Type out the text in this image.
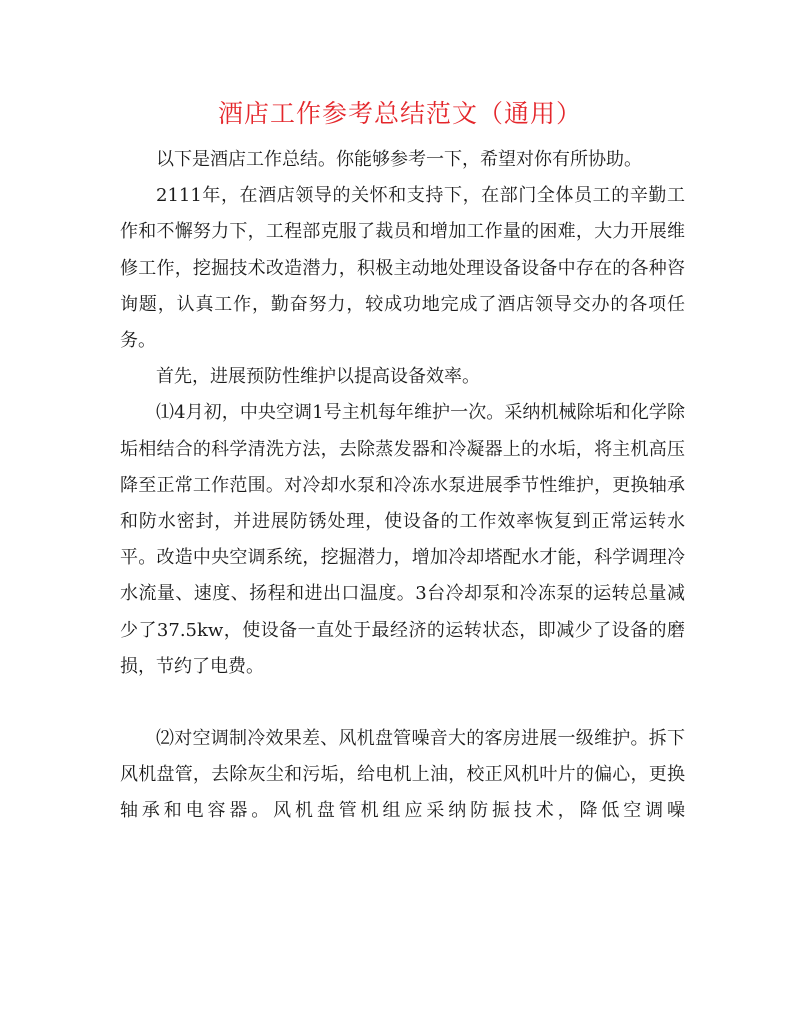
酒店工作参考总结范文（通用）

以下是酒店工作总结。你能够参考一下，希望对你有所协助。

2111年，在酒店领导的关怀和支持下，在部门全体员工的辛勤工作和不懈努力下，工程部克服了裁员和增加工作量的困难，大力开展维修工作，挖掘技术改造潜力，积极主动地处理设备设备中存在的各种咨询题，认真工作，勤奋努力，较成功地完成了酒店领导交办的各项任务。

首先，进展预防性维护以提高设备效率。

⑴4月初，中央空调1号主机每年维护一次。采纳机械除垢和化学除垢相结合的科学清洗方法，去除蒸发器和冷凝器上的水垢，将主机高压降至正常工作范围。对冷却水泵和冷冻水泵进展季节性维护，更换轴承和防水密封，并进展防锈处理，使设备的工作效率恢复到正常运转水平。改造中央空调系统，挖掘潜力，增加冷却塔配水才能，科学调理冷水流量、速度、扬程和进出口温度。3台冷却泵和冷冻泵的运转总量减少了37.5kw，使设备一直处于最经济的运转状态，即减少了设备的磨损，节约了电费。

⑵对空调制冷效果差、风机盘管噪音大的客房进展一级维护。拆下风机盘管，去除灰尘和污垢，给电机上油，校正风机叶片的偏心，更换轴承和电容器。风机盘管机组应采纳防振技术，降低空调噪
